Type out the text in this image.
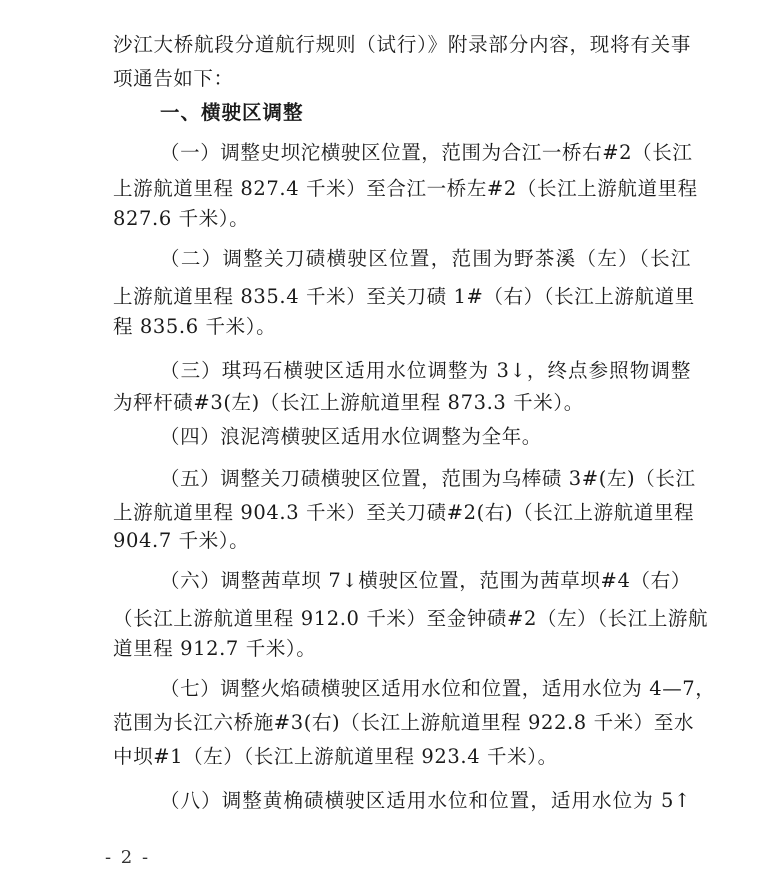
沙江大桥航段分道航行规则（试行）》附录部分内容，现将有关事
项通告如下：
一、横驶区调整
（一）调整史坝沱横驶区位置，范围为合江一桥右#2（长江
上游航道里程 827.4 千米）至合江一桥左#2（长江上游航道里程
827.6 千米）。
（二）调整关刀碛横驶区位置，范围为野茶溪（左）（长江
上游航道里程 835.4 千米）至关刀碛 1#（右）（长江上游航道里
程 835.6 千米）。
（三）琪玛石横驶区适用水位调整为 3↓，终点参照物调整
为秤杆碛#3(左)（长江上游航道里程 873.3 千米）。
（四）浪泥湾横驶区适用水位调整为全年。
（五）调整关刀碛横驶区位置，范围为乌棒碛 3#(左)（长江
上游航道里程 904.3 千米）至关刀碛#2(右)（长江上游航道里程
904.7 千米）。
（六）调整茜草坝 7↓横驶区位置，范围为茜草坝#4（右）
（长江上游航道里程 912.0 千米）至金钟碛#2（左）（长江上游航
道里程 912.7 千米）。
（七）调整火焰碛横驶区适用水位和位置，适用水位为 4—7，
范围为长江六桥施#3(右)（长江上游航道里程 922.8 千米）至水
中坝#1（左）（长江上游航道里程 923.4 千米）。
（八）调整黄桷碛横驶区适用水位和位置，适用水位为 5↑
- 2 -
